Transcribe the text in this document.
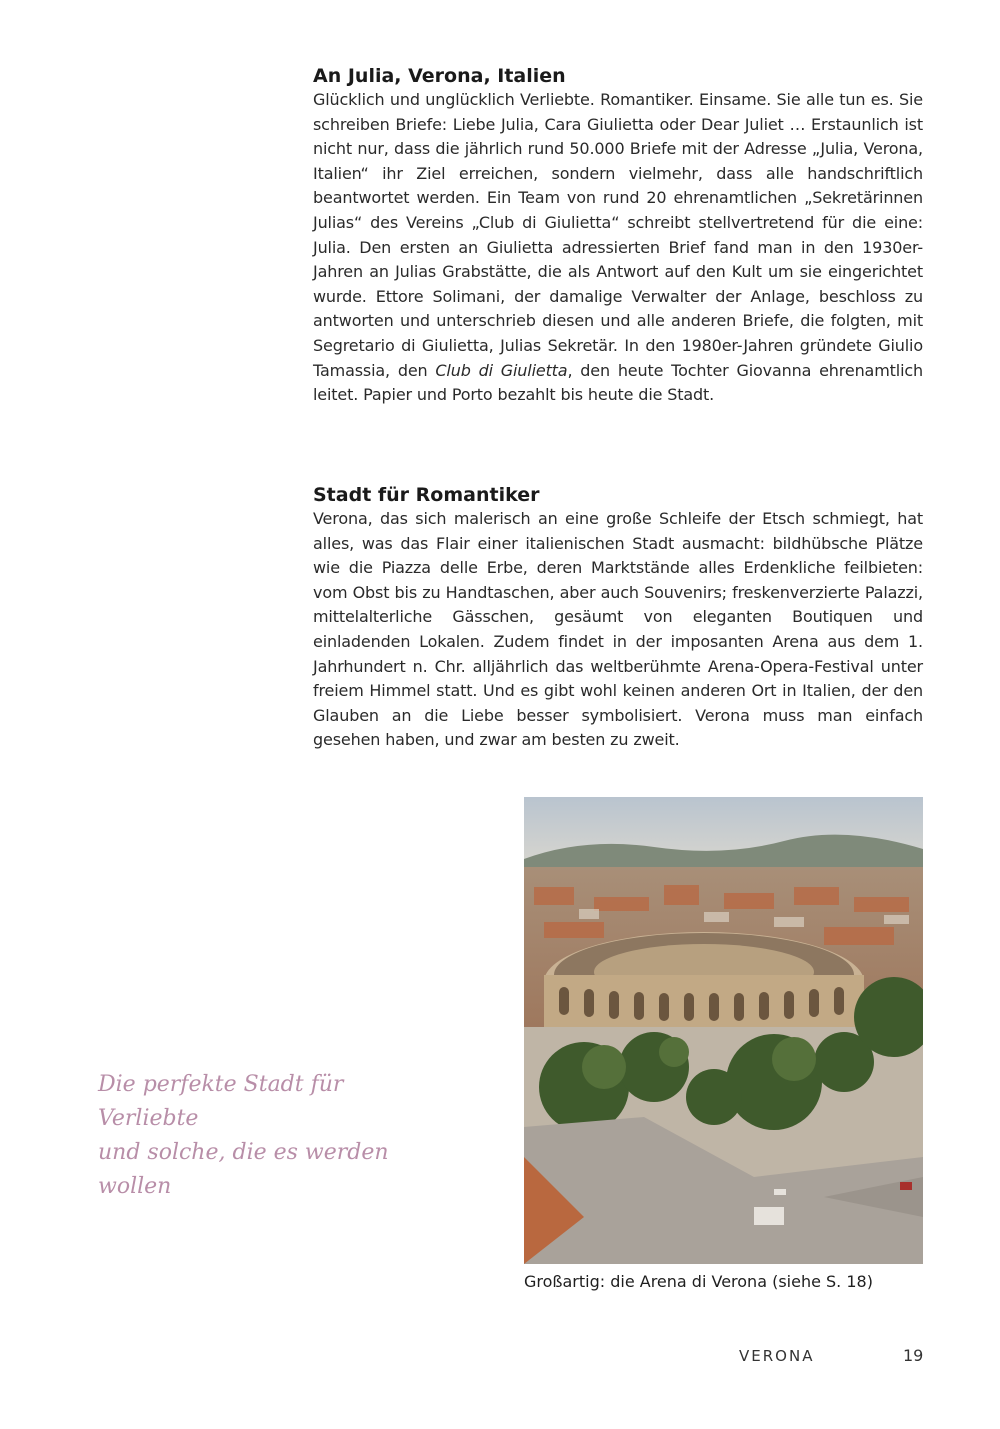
An Julia, Verona, Italien

Glücklich und unglücklich Verliebte. Romantiker. Einsame. Sie alle tun es. Sie schreiben Briefe: Liebe Julia, Cara Giulietta oder Dear Juliet … Erstaunlich ist nicht nur, dass die jährlich rund 50.000 Briefe mit der Adresse „Julia, Verona, Italien“ ihr Ziel erreichen, sondern vielmehr, dass alle handschriftlich beantwortet werden. Ein Team von rund 20 ehrenamtlichen „Sekretärinnen Julias“ des Vereins „Club di Giulietta“ schreibt stellvertretend für die eine: Julia. Den ersten an Giulietta adressierten Brief fand man in den 1930er-Jahren an Julias Grabstätte, die als Antwort auf den Kult um sie eingerichtet wurde. Ettore Solimani, der damalige Verwalter der Anlage, beschloss zu antworten und unterschrieb diesen und alle anderen Briefe, die folgten, mit Segretario di Giulietta, Julias Sekretär. In den 1980er-Jahren gründete Giulio Tamassia, den Club di Giulietta, den heute Tochter Giovanna ehrenamtlich leitet. Papier und Porto bezahlt bis heute die Stadt.

Stadt für Romantiker

Verona, das sich malerisch an eine große Schleife der Etsch schmiegt, hat alles, was das Flair einer italienischen Stadt ausmacht: bildhübsche Plätze wie die Piazza delle Erbe, deren Marktstände alles Erdenkliche feilbieten: vom Obst bis zu Handtaschen, aber auch Souvenirs; freskenverzierte Palazzi, mittelalterliche Gässchen, gesäumt von eleganten Boutiquen und einladenden Lokalen. Zudem findet in der imposanten Arena aus dem 1. Jahrhundert n. Chr. alljährlich das weltberühmte Arena-Opera-Festival unter freiem Himmel statt. Und es gibt wohl keinen anderen Ort in Italien, der den Glauben an die Liebe besser symbolisiert. Verona muss man einfach gesehen haben, und zwar am besten zu zweit.

Großartig: die Arena di Verona (siehe S. 18)

Die perfekte Stadt für Verliebte
und solche, die es werden wollen

VERONA	19
